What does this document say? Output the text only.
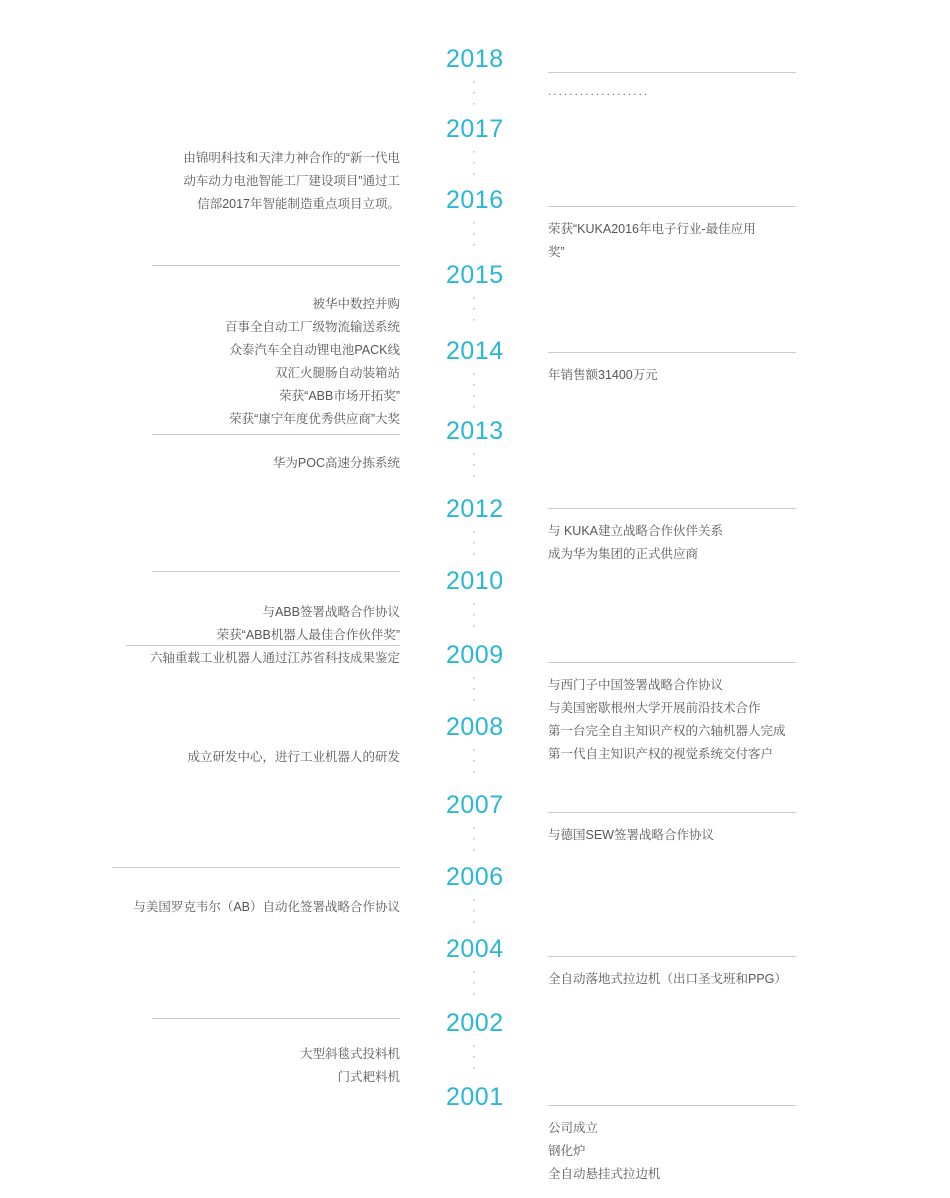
2018
·
·
·
2017
·
·
·
2016
·
·
·
2015
·
·
·
2014
·
·
·
·
2013
·
·
·
2012
·
·
·
2010
·
·
·
2009
·
·
·
2008
·
·
·
2007
·
·
·
2006
·
·
·
2004
·
·
·
2002
·
·
·
2001
...................
荣获“KUKA2016年电子行业-最佳应用
奖”
年销售额31400万元
与 KUKA建立战略合作伙伴关系
成为华为集团的正式供应商
与西门子中国签署战略合作协议
与美国密歇根州大学开展前沿技术合作
第一台完全自主知识产权的六轴机器人完成
第一代自主知识产权的视觉系统交付客户
与德国SEW签署战略合作协议
全自动落地式拉边机（出口圣戈班和PPG）
公司成立
钢化炉
全自动悬挂式拉边机
由锦明科技和天津力神合作的“新一代电
动车动力电池智能工厂建设项目”通过工
信部2017年智能制造重点项目立项。
被华中数控并购
百事全自动工厂级物流输送系统
众泰汽车全自动锂电池PACK线
双汇火腿肠自动装箱站
荣获“ABB市场开拓奖”
荣获“康宁年度优秀供应商”大奖
华为POC高速分拣系统
与ABB签署战略合作协议
荣获“ABB机器人最佳合作伙伴奖”
六轴重载工业机器人通过江苏省科技成果鉴定
成立研发中心，进行工业机器人的研发
与美国罗克韦尔（AB）自动化签署战略合作协议
大型斜毯式投料机
门式耙料机
